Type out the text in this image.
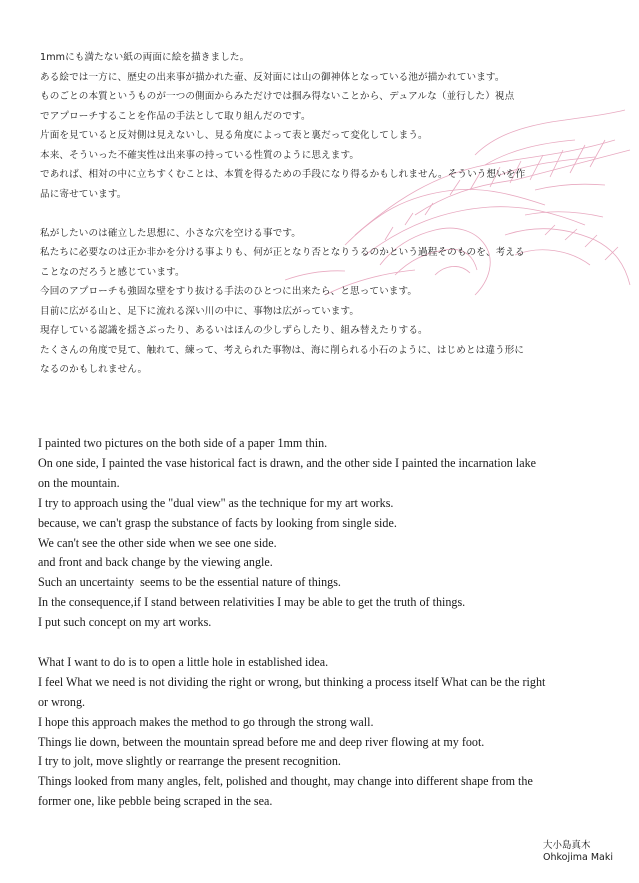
1mmにも満たない紙の両面に絵を描きました。

ある絵では一方に、歴史の出来事が描かれた壷、反対面には山の御神体となっている池が描かれています。

ものごとの本質というものが一つの側面からみただけでは掴み得ないことから、デュアルな（並行した）視点

でアプローチすることを作品の手法として取り組んだのです。

片面を見ていると反対側は見えないし、見る角度によって表と裏だって変化してしまう。

本来、そういった不確実性は出来事の持っている性質のように思えます。

であれば、相対の中に立ちすくむことは、本質を得るための手段になり得るかもしれません。そういう想いを作

品に寄せています。

私がしたいのは確立した思想に、小さな穴を空ける事です。

私たちに必要なのは正か非かを分ける事よりも、何が正となり否となりうるのかという過程そのものを、考える

ことなのだろうと感じています。

今回のアプローチも強固な壁をすり抜ける手法のひとつに出来たら、と思っています。

目前に広がる山と、足下に流れる深い川の中に、事物は広がっています。

現存している認識を揺さぶったり、あるいはほんの少しずらしたり、組み替えたりする。

たくさんの角度で見て、触れて、練って、考えられた事物は、海に削られる小石のように、はじめとは違う形に

なるのかもしれません。

I painted two pictures on the both side of a paper 1mm thin.

On one side, I painted the vase historical fact is drawn, and the other side I painted the incarnation lake

on the mountain.

I try to approach using the "dual view" as the technique for my art works.

because, we can't grasp the substance of facts by looking from single side.

We can't see the other side when we see one side.

and front and back change by the viewing angle.

Such an uncertainty  seems to be the essential nature of things.

In the consequence,if I stand between relativities I may be able to get the truth of things.

I put such concept on my art works.

What I want to do is to open a little hole in established idea.

I feel What we need is not dividing the right or wrong, but thinking a process itself What can be the right

or wrong.

I hope this approach makes the method to go through the strong wall.

Things lie down, between the mountain spread before me and deep river flowing at my foot.

I try to jolt, move slightly or rearrange the present recognition.

Things looked from many angles, felt, polished and thought, may change into different shape from the

former one, like pebble being scraped in the sea.

大小島真木
Ohkojima Maki
